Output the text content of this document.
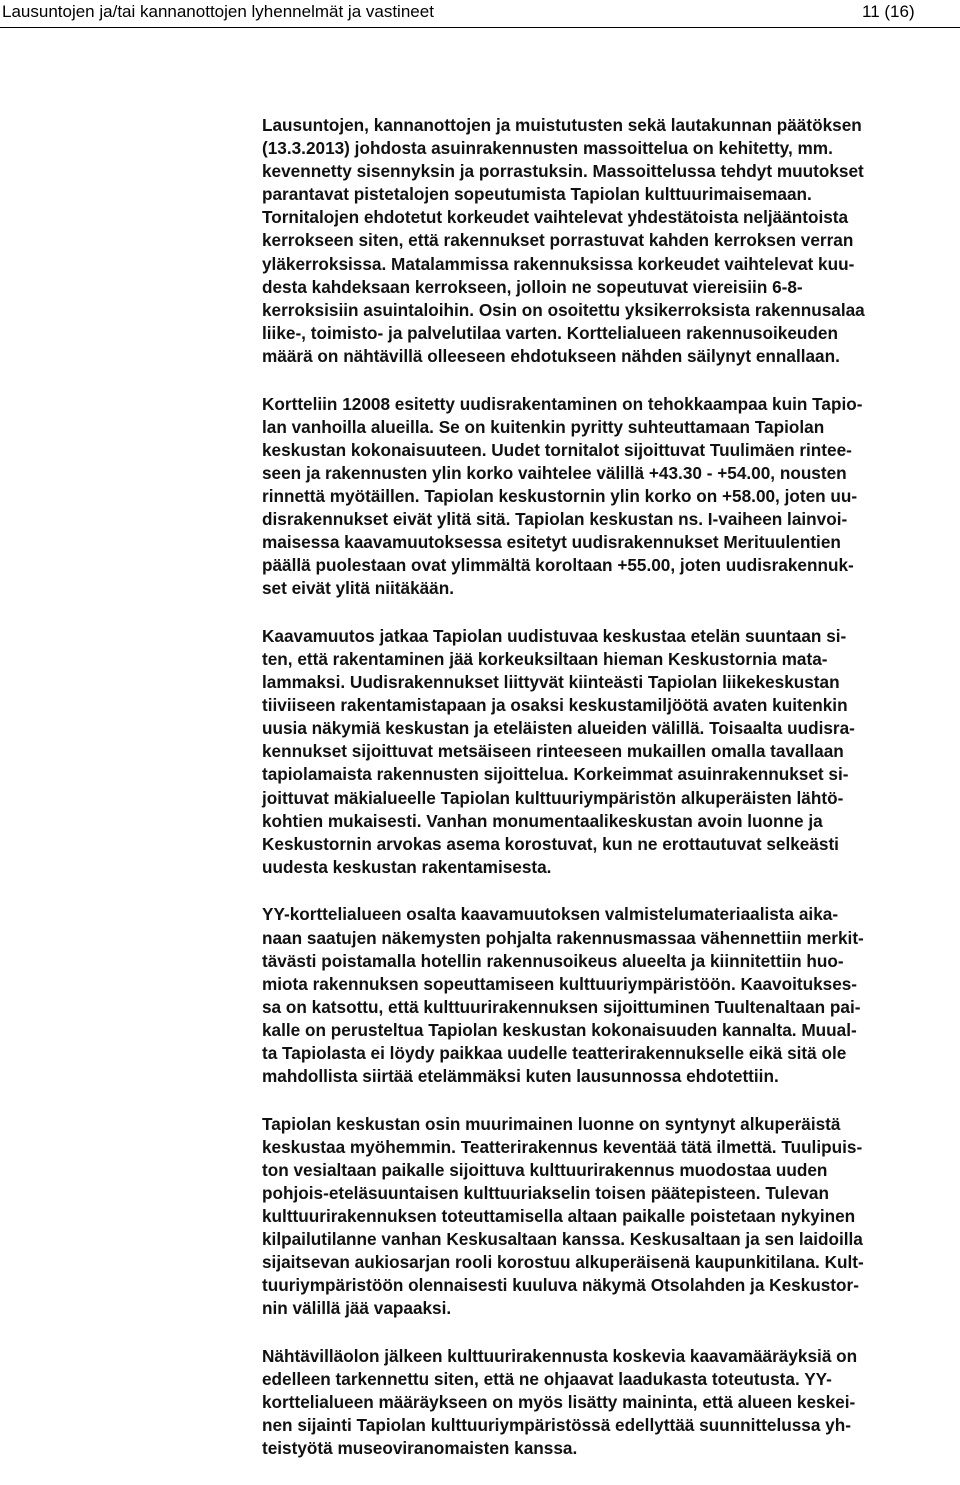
Lausuntojen ja/tai kannanottojen lyhennelmät ja vastineet	11 (16)
Lausuntojen, kannanottojen ja muistutusten sekä lautakunnan päätöksen
(13.3.2013) johdosta asuinrakennusten massoittelua on kehitetty, mm.
kevennetty sisennyksin ja porrastuksin. Massoittelussa tehdyt muutokset
parantavat pistetalojen sopeutumista Tapiolan kulttuurimaisemaan.
Tornitalojen ehdotetut korkeudet vaihtelevat yhdestätoista neljääntoista
kerrokseen siten, että rakennukset porrastuvat kahden kerroksen verran
yläkerroksissa. Matalammissa rakennuksissa korkeudet vaihtelevat kuu-
desta kahdeksaan kerrokseen, jolloin ne sopeutuvat viereisiin 6-8-
kerroksisiin asuintaloihin. Osin on osoitettu yksikerroksista rakennusalaa
liike-, toimisto- ja palvelutilaa varten. Korttelialueen rakennusoikeuden
määrä on nähtävillä olleeseen ehdotukseen nähden säilynyt ennallaan.
Kortteliin 12008 esitetty uudisrakentaminen on tehokkaampaa kuin Tapio-
lan vanhoilla alueilla. Se on kuitenkin pyritty suhteuttamaan Tapiolan
keskustan kokonaisuuteen. Uudet tornitalot sijoittuvat Tuulimäen rintee-
seen ja rakennusten ylin korko vaihtelee välillä +43.30 - +54.00, nousten
rinnettä myötäillen. Tapiolan keskustornin ylin korko on +58.00, joten uu-
disrakennukset eivät ylitä sitä. Tapiolan keskustan ns. I-vaiheen lainvoi-
maisessa kaavamuutoksessa esitetyt uudisrakennukset Merituulentien
päällä puolestaan ovat ylimmältä koroltaan +55.00, joten uudisrakennuk-
set eivät ylitä niitäkään.
Kaavamuutos jatkaa Tapiolan uudistuvaa keskustaa etelän suuntaan si-
ten, että rakentaminen jää korkeuksiltaan hieman Keskustornia mata-
lammaksi. Uudisrakennukset liittyvät kiinteästi Tapiolan liikekeskustan
tiiviiseen rakentamistapaan ja osaksi keskustamiljöötä avaten kuitenkin
uusia näkymiä keskustan ja eteläisten alueiden välillä. Toisaalta uudisra-
kennukset sijoittuvat metsäiseen rinteeseen mukaillen omalla tavallaan
tapiolamaista rakennusten sijoittelua. Korkeimmat asuinrakennukset si-
joittuvat mäkialueelle Tapiolan kulttuuriympäristön alkuperäisten lähtö-
kohtien mukaisesti. Vanhan monumentaalikeskustan avoin luonne ja
Keskustornin arvokas asema korostuvat, kun ne erottautuvat selkeästi
uudesta keskustan rakentamisesta.
YY-korttelialueen osalta kaavamuutoksen valmistelumateriaalista aika-
naan saatujen näkemysten pohjalta rakennusmassaa vähennettiin merkit-
tävästi poistamalla hotellin rakennusoikeus alueelta ja kiinnitettiin huo-
miota rakennuksen sopeuttamiseen kulttuuriympäristöön. Kaavoitukses-
sa on katsottu, että kulttuurirakennuksen sijoittuminen Tuultenaltaan pai-
kalle on perusteltua Tapiolan keskustan kokonaisuuden kannalta. Muual-
ta Tapiolasta ei löydy paikkaa uudelle teatterirakennukselle eikä sitä ole
mahdollista siirtää etelämmäksi kuten lausunnossa ehdotettiin.
Tapiolan keskustan osin muurimainen luonne on syntynyt alkuperäistä
keskustaa myöhemmin. Teatterirakennus keventää tätä ilmettä. Tuulipuis-
ton vesialtaan paikalle sijoittuva kulttuurirakennus muodostaa uuden
pohjois-eteläsuuntaisen kulttuuriakselin toisen päätepisteen. Tulevan
kulttuurirakennuksen toteuttamisella altaan paikalle poistetaan nykyinen
kilpailutilanne vanhan Keskusaltaan kanssa. Keskusaltaan ja sen laidoilla
sijaitsevan aukiosarjan rooli korostuu alkuperäisenä kaupunkitilana. Kult-
tuuriympäristöön olennaisesti kuuluva näkymä Otsolahden ja Keskustor-
nin välillä jää vapaaksi.
Nähtävilläolon jälkeen kulttuurirakennusta koskevia kaavamääräyksiä on
edelleen tarkennettu siten, että ne ohjaavat laadukasta toteutusta. YY-
korttelialueen määräykseen on myös lisätty maininta, että alueen keskei-
nen sijainti Tapiolan kulttuuriympäristössä edellyttää suunnittelussa yh-
teistyötä museoviranomaisten kanssa.
